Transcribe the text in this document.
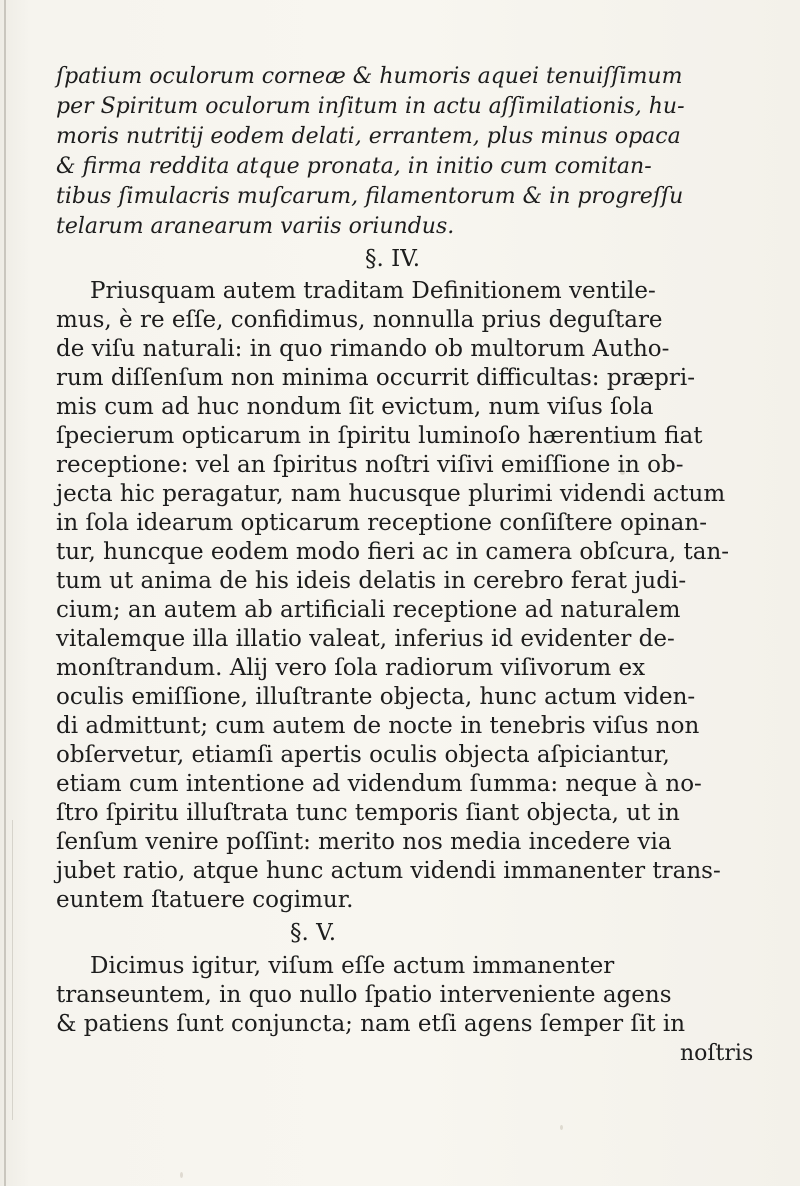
ſpatium oculorum corneæ & humoris aquei tenuiſſimum
per Spiritum oculorum inſitum in actu aſſimilationis, hu-
moris nutritij eodem delati, errantem, plus minus opaca
& firma reddita atque pronata, in initio cum comitan-
tibus ſimulacris muſcarum, filamentorum & in progreſſu
telarum aranearum variis oriundus.
§. IV.
Priusquam autem traditam Definitionem ventile-
mus, è re eſſe, confidimus, nonnulla prius deguſtare
de viſu naturali: in quo rimando ob multorum Autho-
rum diſſenſum non minima occurrit difficultas: præpri-
mis cum ad huc nondum ſit evictum, num viſus ſola
ſpecierum opticarum in ſpiritu luminoſo hærentium fiat
receptione: vel an ſpiritus noſtri viſivi emiſſione in ob-
jecta hic peragatur, nam hucusque plurimi videndi actum
in ſola idearum opticarum receptione conſiſtere opinan-
tur, huncque eodem modo fieri ac in camera obſcura, tan-
tum ut anima de his ideis delatis in cerebro ferat judi-
cium; an autem ab artificiali receptione ad naturalem
vitalemque illa illatio valeat, inferius id evidenter de-
monſtrandum. Alij vero ſola radiorum viſivorum ex
oculis emiſſione, illuſtrante objecta, hunc actum viden-
di admittunt; cum autem de nocte in tenebris viſus non
obſervetur, etiamſi apertis oculis objecta aſpiciantur,
etiam cum intentione ad videndum ſumma: neque à no-
ſtro ſpiritu illuſtrata tunc temporis ſiant objecta, ut in
ſenſum venire poſſint: merito nos media incedere via
jubet ratio, atque hunc actum videndi immanenter trans-
euntem ſtatuere cogimur.
§. V.
Dicimus igitur, viſum eſſe actum immanenter
transeuntem, in quo nullo ſpatio interveniente agens
& patiens ſunt conjuncta; nam etſi agens ſemper ſit in
noſtris
